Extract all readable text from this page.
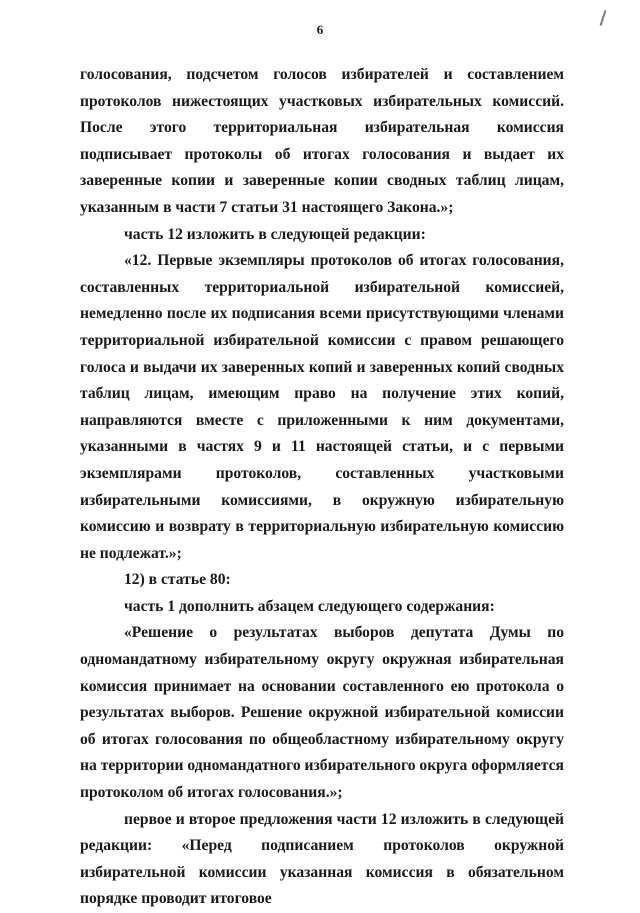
6

голосования, подсчетом голосов избирателей и составлением протоколов нижестоящих участковых избирательных комиссий. После этого территориальная избирательная комиссия подписывает протоколы об итогах голосования и выдает их заверенные копии и заверенные копии сводных таблиц лицам, указанным в части 7 статьи 31 настоящего Закона.»;

часть 12 изложить в следующей редакции:

«12. Первые экземпляры протоколов об итогах голосования, составленных территориальной избирательной комиссией, немедленно после их подписания всеми присутствующими членами территориальной избирательной комиссии с правом решающего голоса и выдачи их заверенных копий и заверенных копий сводных таблиц лицам, имеющим право на получение этих копий, направляются вместе с приложенными к ним документами, указанными в частях 9 и 11 настоящей статьи, и с первыми экземплярами протоколов, составленных участковыми избирательными комиссиями, в окружную избирательную комиссию и возврату в территориальную избирательную комиссию не подлежат.»;

12) в статье 80:

часть 1 дополнить абзацем следующего содержания:

«Решение о результатах выборов депутата Думы по одномандатному избирательному округу окружная избирательная комиссия принимает на основании составленного ею протокола о результатах выборов. Решение окружной избирательной комиссии об итогах голосования по общеобластному избирательному округу на территории одномандатного избирательного округа оформляется протоколом об итогах голосования.»;

первое и второе предложения части 12 изложить в следующей редакции: «Перед подписанием протоколов окружной избирательной комиссии указанная комиссия в обязательном порядке проводит итоговое
